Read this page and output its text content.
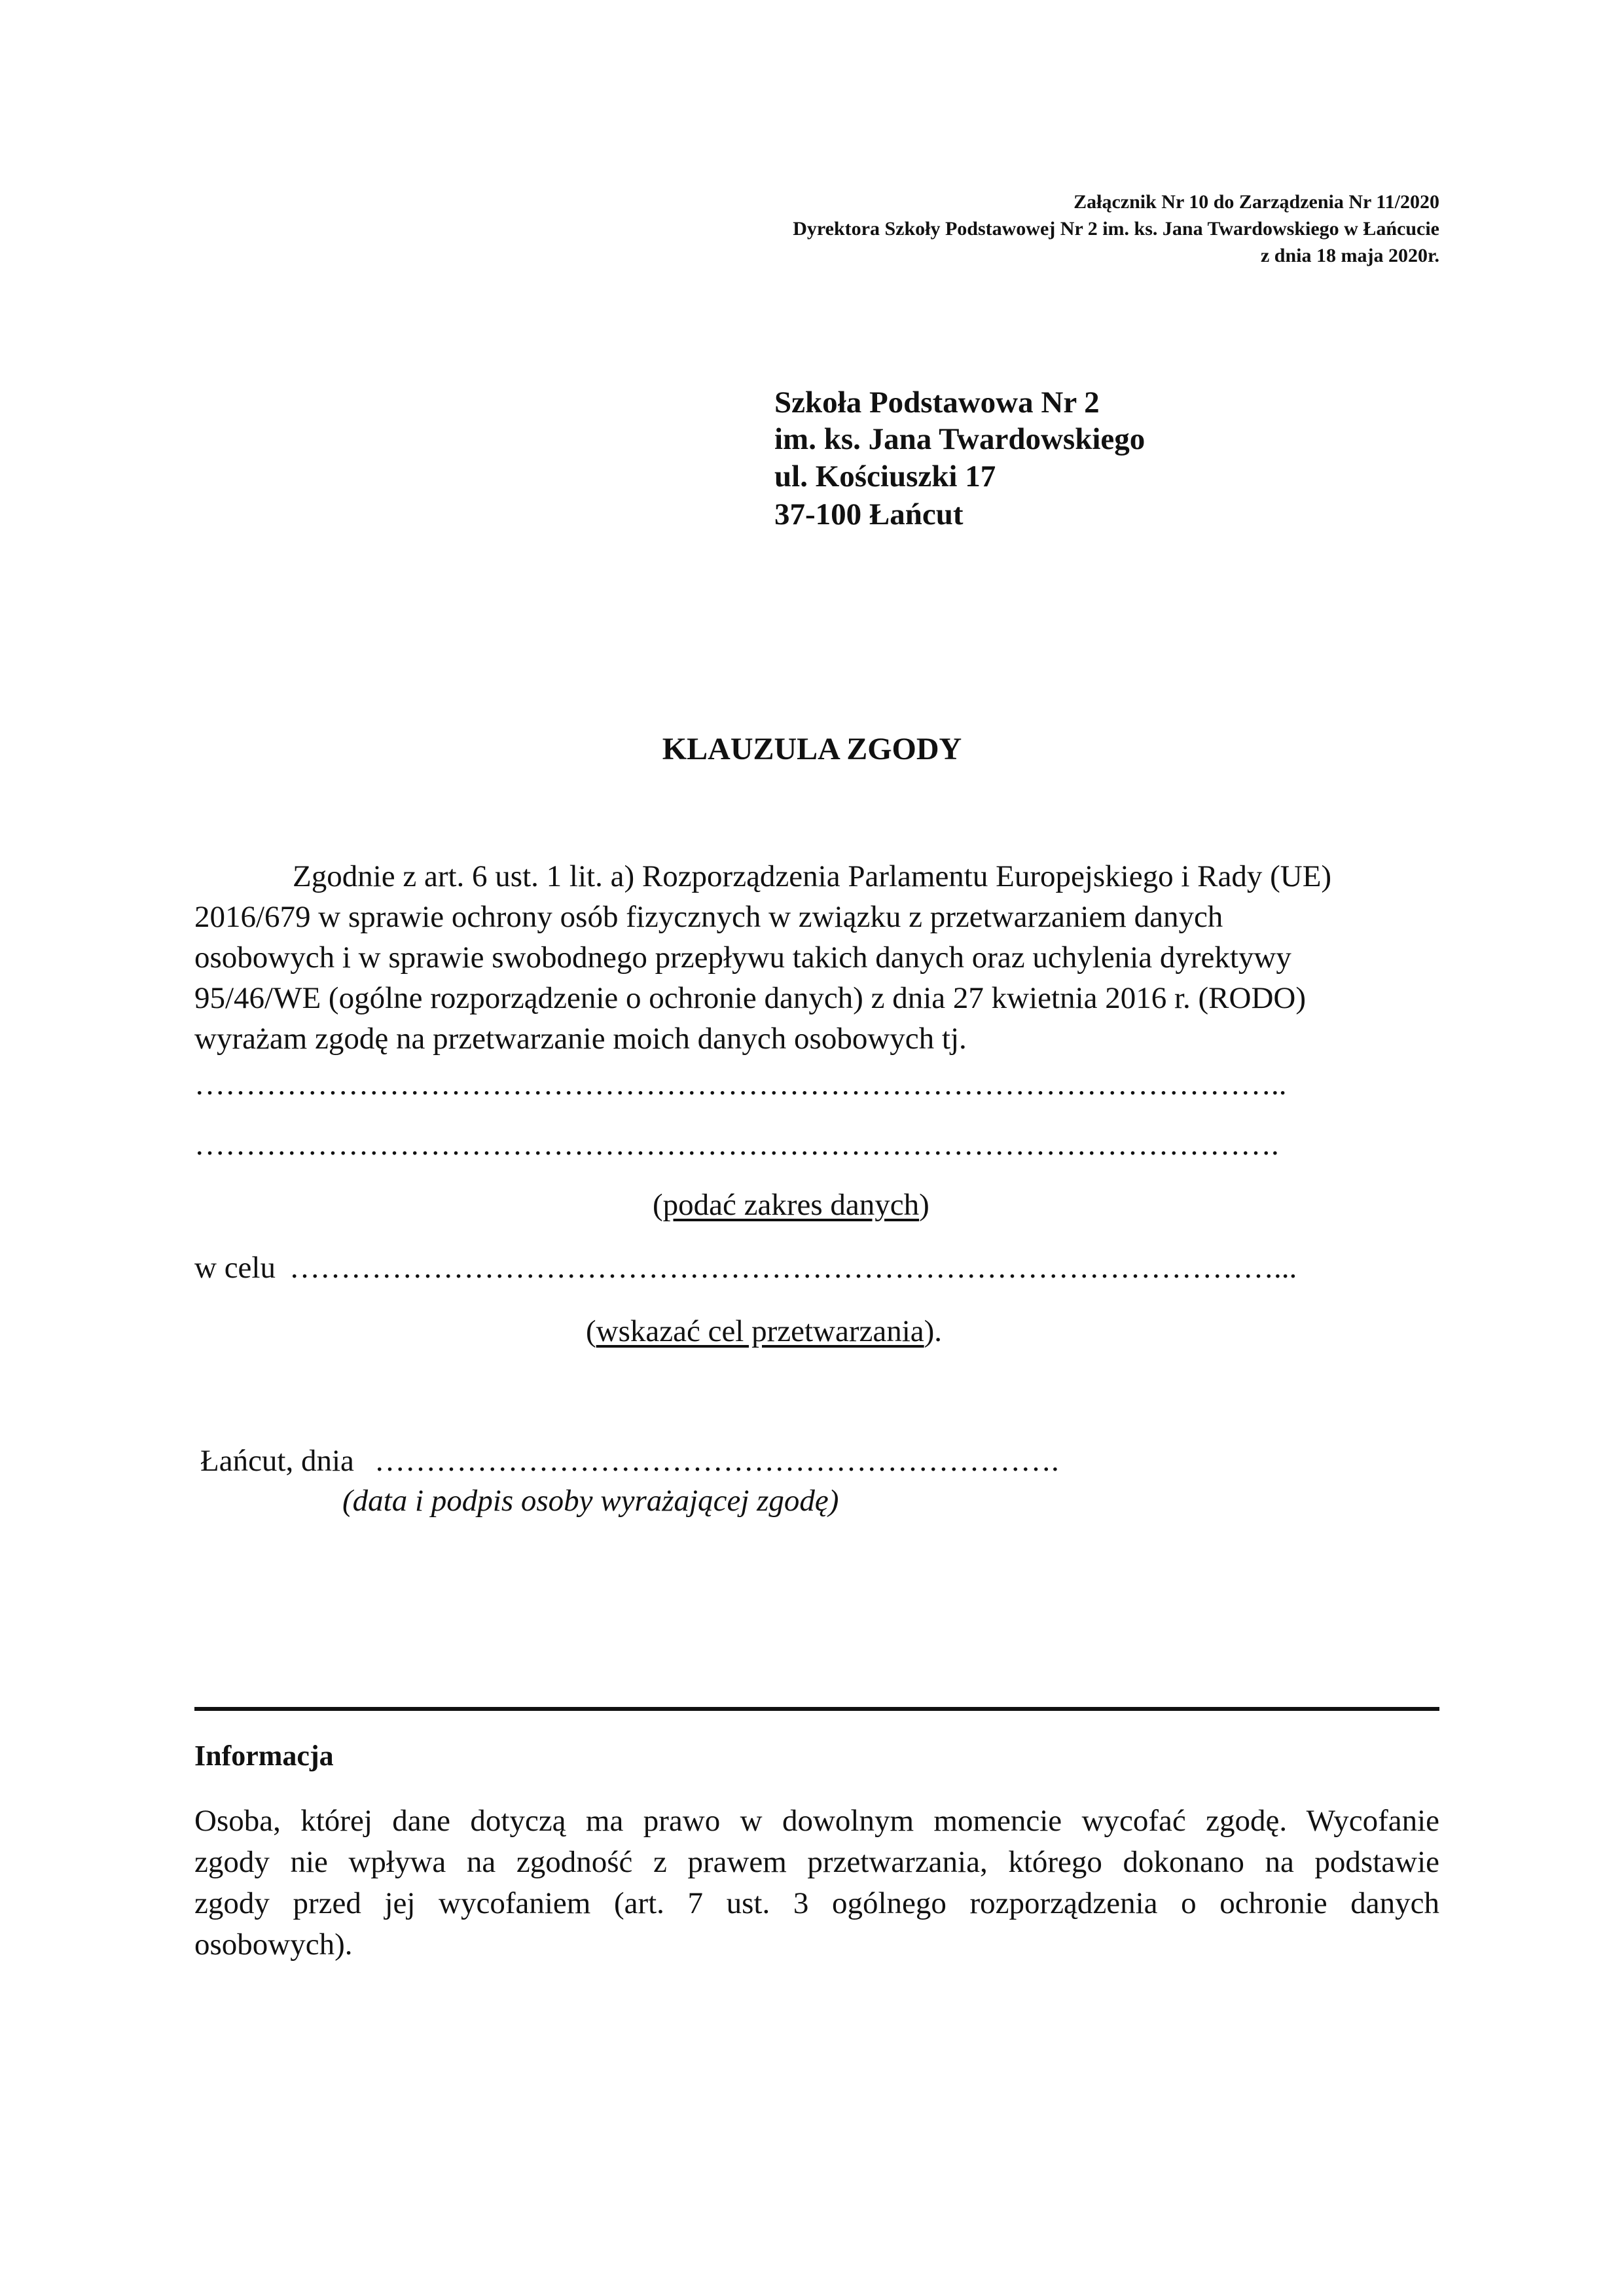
Załącznik Nr 10 do Zarządzenia Nr 11/2020
Dyrektora Szkoły Podstawowej Nr 2 im. ks. Jana Twardowskiego w Łańcucie
z dnia 18 maja 2020r.
Szkoła Podstawowa Nr 2
im. ks. Jana Twardowskiego
ul. Kościuszki 17
37-100 Łańcut
KLAUZULA ZGODY
Zgodnie z art. 6 ust. 1 lit. a) Rozporządzenia Parlamentu Europejskiego i Rady (UE)
2016/679 w sprawie ochrony osób fizycznych w związku z przetwarzaniem danych
osobowych i w sprawie swobodnego przepływu takich danych oraz uchylenia dyrektywy
95/46/WE (ogólne rozporządzenie o ochronie danych) z dnia 27 kwietnia 2016 r. (RODO)
wyrażam zgodę na przetwarzanie moich danych osobowych tj.
……………………………………………………………………………………………..
…………………………………………………………………………………………….
(podać zakres danych)
w celu ……………………………………………………………………………………...
(wskazać cel przetwarzania).
Łańcut, dnia ………………………………………………………….
(data i podpis osoby wyrażającej zgodę)
Informacja
Osoba, której dane dotyczą ma prawo w dowolnym momencie wycofać zgodę. Wycofanie
zgody nie wpływa na zgodność z prawem przetwarzania, którego dokonano na podstawie
zgody przed jej wycofaniem (art. 7 ust. 3 ogólnego rozporządzenia o ochronie danych
osobowych).
